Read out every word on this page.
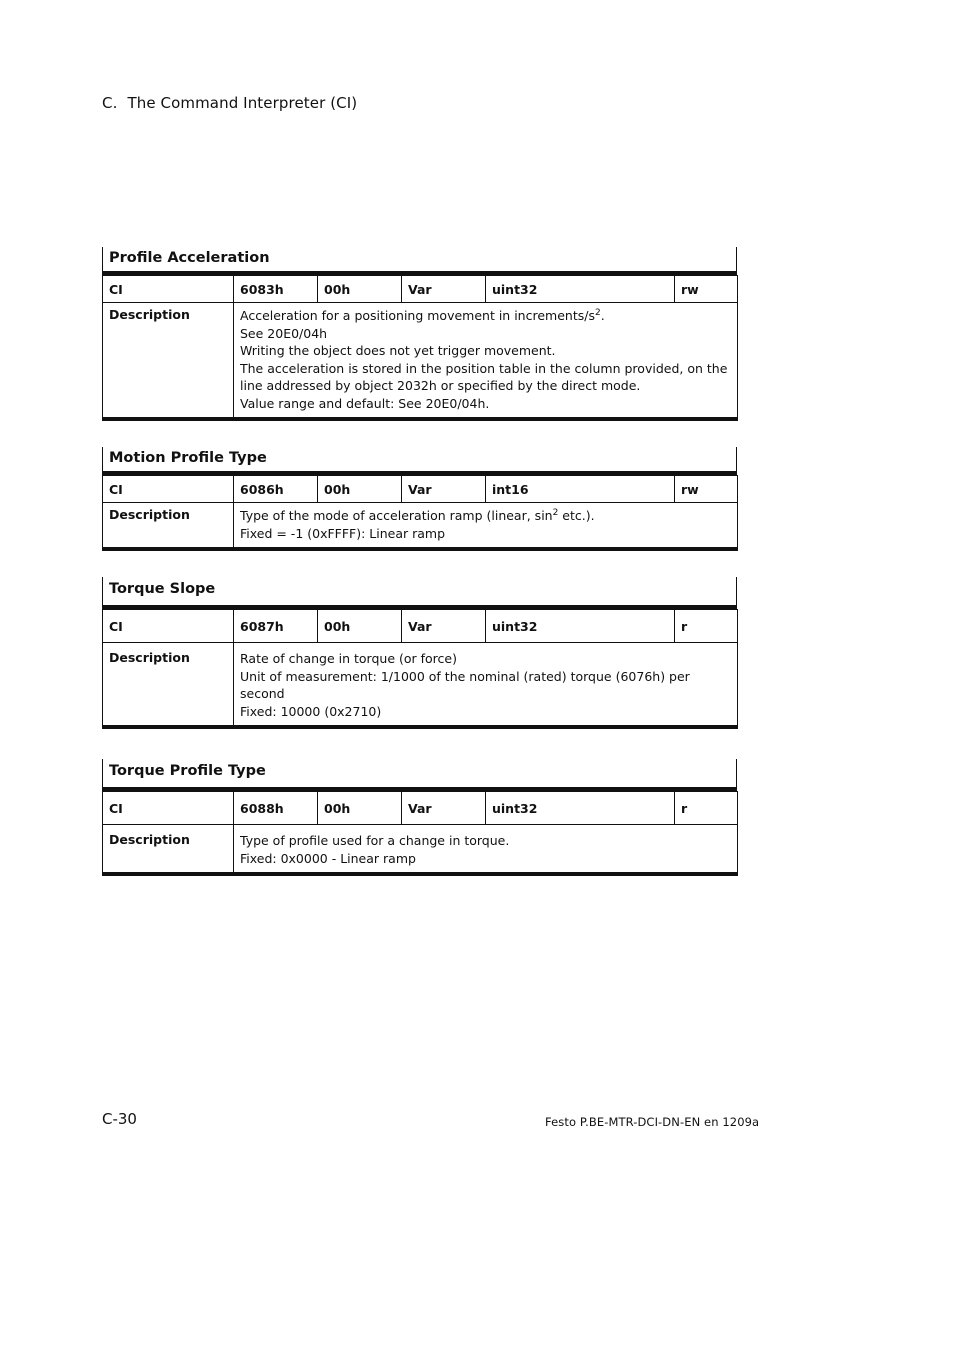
C. The Command Interpreter (CI)
Profile Acceleration
CI	6083h	00h	Var	uint32	rw
Description	Acceleration for a positioning movement in increments/$s^2$.
See 20E0/04h
Writing the object does not yet trigger movement.
The acceleration is stored in the position table in the column provided, on the line addressed by object 2032h or specified by the direct mode.
Value range and default: See 20E0/04h.				
Motion Profile Type
CI	6086h	00h	Var	int16	rw
Description	Type of the mode of acceleration ramp (linear, $\sin^2 etc$.).
Fixed = -1 (0xFFFF): Linear ramp				
Torque Slope
CI	6087h	00h	Var	uint32	r
Description	Rate of change in torque (or force)
Unit of measurement: 1/1000 of the nominal (rated) torque (6076h) per second
Fixed: 10000 (0x2710)				
Torque Profile Type
CI	6088h	00h	Var	uint32	r
Description	Type of profile used for a change in torque.
Fixed: 0x0000 - Linear ramp				
C-30	Festo P.BE-MTR-DCI-DN-EN en 1209a
